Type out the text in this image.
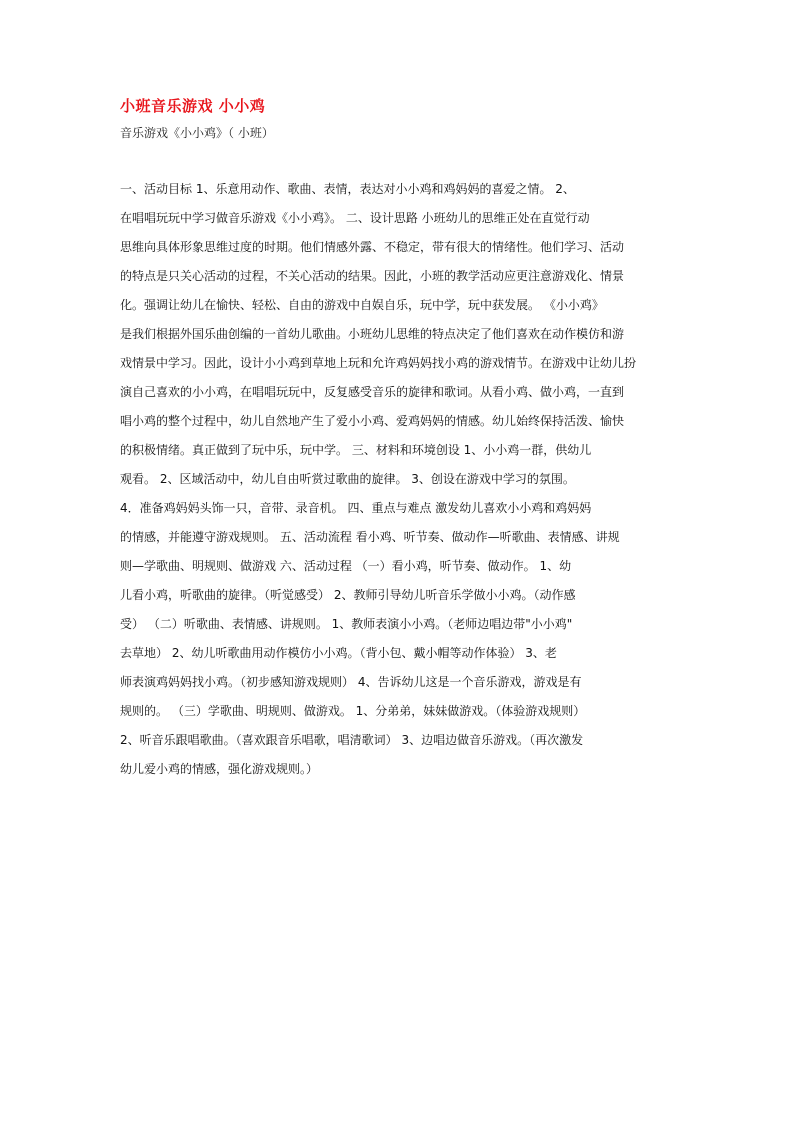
小班音乐游戏 小小鸡
音乐游戏《小小鸡》（ 小班）
一、活动目标 1、乐意用动作、歌曲、表情，表达对小小鸡和鸡妈妈的喜爱之情。 2、
在唱唱玩玩中学习做音乐游戏《小小鸡》。 二、设计思路 小班幼儿的思维正处在直觉行动
思维向具体形象思维过度的时期。他们情感外露、不稳定，带有很大的情绪性。他们学习、活动
的特点是只关心活动的过程，不关心活动的结果。因此，小班的教学活动应更注意游戏化、情景
化。强调让幼儿在愉快、轻松、自由的游戏中自娱自乐，玩中学，玩中获发展。 《小小鸡》
是我们根据外国乐曲创编的一首幼儿歌曲。小班幼儿思维的特点决定了他们喜欢在动作模仿和游
戏情景中学习。因此，设计小小鸡到草地上玩和允许鸡妈妈找小鸡的游戏情节。在游戏中让幼儿扮
演自己喜欢的小小鸡，在唱唱玩玩中，反复感受音乐的旋律和歌词。从看小鸡、做小鸡，一直到
唱小鸡的整个过程中，幼儿自然地产生了爱小小鸡、爱鸡妈妈的情感。幼儿始终保持活泼、愉快
的积极情绪。真正做到了玩中乐，玩中学。 三、材料和环境创设 1、小小鸡一群，供幼儿
观看。 2、区域活动中，幼儿自由听赏过歌曲的旋律。 3、创设在游戏中学习的氛围。
4．准备鸡妈妈头饰一只，音带、录音机。 四、重点与难点 激发幼儿喜欢小小鸡和鸡妈妈
的情感，并能遵守游戏规则。 五、活动流程 看小鸡、听节奏、做动作—听歌曲、表情感、讲规
则—学歌曲、明规则、做游戏 六、活动过程 （一）看小鸡，听节奏、做动作。 1、幼
儿看小鸡，听歌曲的旋律。（听觉感受） 2、教师引导幼儿听音乐学做小小鸡。（动作感
受） （二）听歌曲、表情感、讲规则。 1、教师表演小小鸡。（老师边唱边带"小小鸡"
去草地） 2、幼儿听歌曲用动作模仿小小鸡。（背小包、戴小帽等动作体验） 3、老
师表演鸡妈妈找小鸡。（初步感知游戏规则） 4、告诉幼儿这是一个音乐游戏，游戏是有
规则的。 （三）学歌曲、明规则、做游戏。 1、分弟弟，妹妹做游戏。（体验游戏规则）
2、听音乐跟唱歌曲。（喜欢跟音乐唱歌，唱清歌词） 3、边唱边做音乐游戏。（再次激发
幼儿爱小鸡的情感，强化游戏规则。）
